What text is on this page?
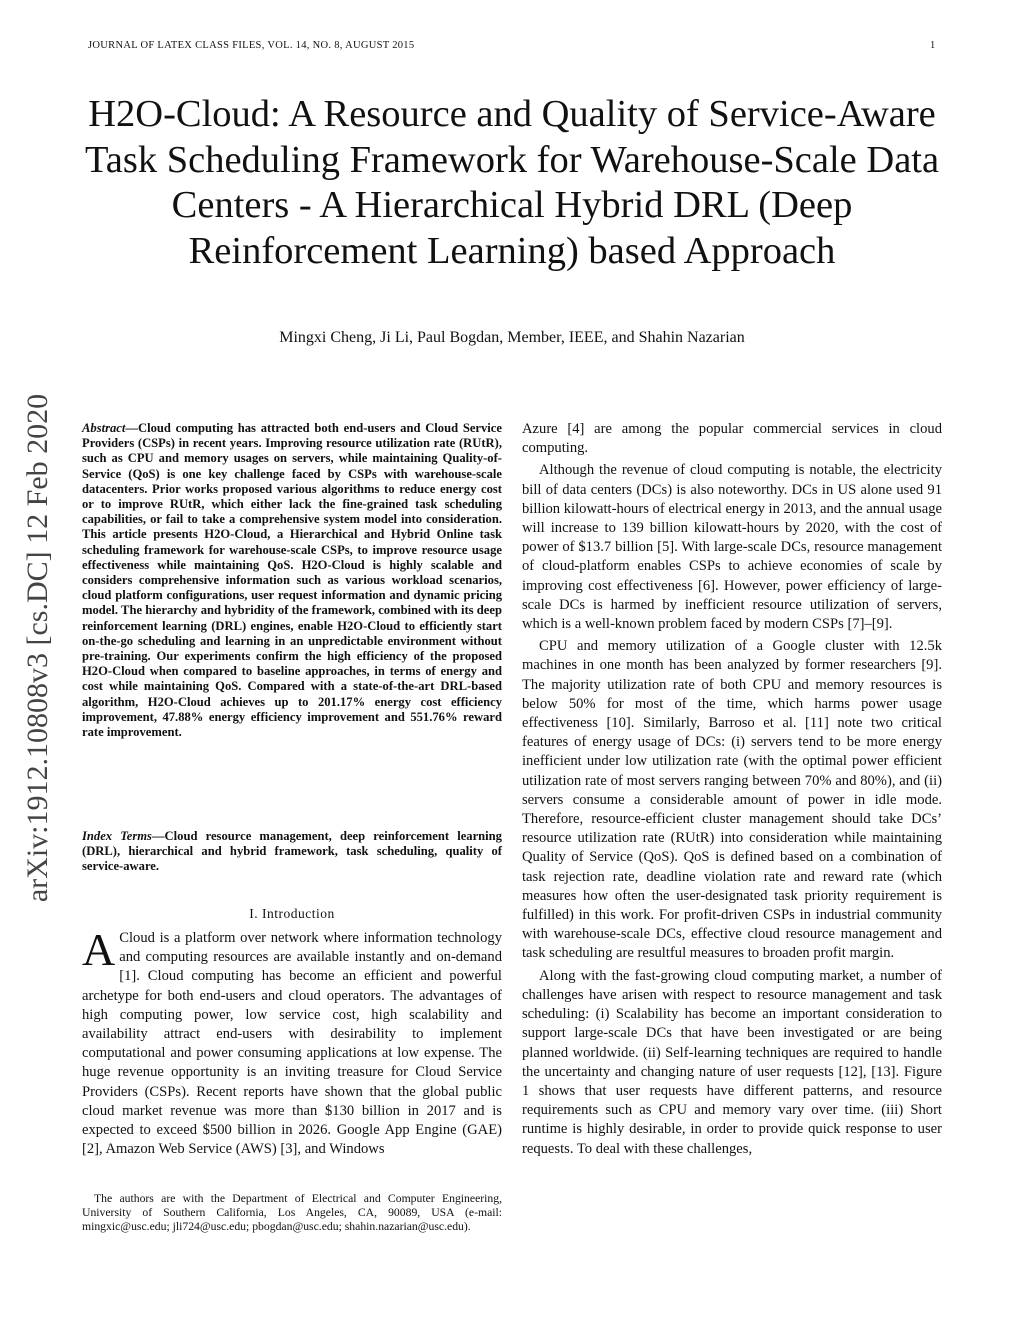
JOURNAL OF LATEX CLASS FILES, VOL. 14, NO. 8, AUGUST 2015	1
H2O-Cloud: A Resource and Quality of Service-Aware Task Scheduling Framework for Warehouse-Scale Data Centers - A Hierarchical Hybrid DRL (Deep Reinforcement Learning) based Approach
Mingxi Cheng, Ji Li, Paul Bogdan, Member, IEEE, and Shahin Nazarian
arXiv:1912.10808v3 [cs.DC] 12 Feb 2020	Abstract—Cloud computing has attracted both end-users and Cloud Service Providers (CSPs) in recent years. Improving resource utilization rate (RUtR), such as CPU and memory usages on servers, while maintaining Quality-of-Service (QoS) is one key challenge faced by CSPs with warehouse-scale datacenters. Prior works proposed various algorithms to reduce energy cost or to improve RUtR, which either lack the fine-grained task scheduling capabilities, or fail to take a comprehensive system model into consideration. This article presents H2O-Cloud, a Hierarchical and Hybrid Online task scheduling framework for warehouse-scale CSPs, to improve resource usage effectiveness while maintaining QoS. H2O-Cloud is highly scalable and considers comprehensive information such as various workload scenarios, cloud platform configurations, user request information and dynamic pricing model. The hierarchy and hybridity of the framework, combined with its deep reinforcement learning (DRL) engines, enable H2O-Cloud to efficiently start on-the-go scheduling and learning in an unpredictable environment without pre-training. Our experiments confirm the high efficiency of the proposed H2O-Cloud when compared to baseline approaches, in terms of energy and cost while maintaining QoS. Compared with a state-of-the-art DRL-based algorithm, H2O-Cloud achieves up to 201.17% energy cost efficiency improvement, 47.88% energy efficiency improvement and 551.76% reward rate improvement.
Index Terms—Cloud resource management, deep reinforcement learning (DRL), hierarchical and hybrid framework, task scheduling, quality of service-aware.
I. Introduction
A Cloud is a platform over network where information technology and computing resources are available instantly and on-demand [1]. Cloud computing has become an efficient and powerful archetype for both end-users and cloud operators. The advantages of high computing power, low service cost, high scalability and availability attract end-users with desirability to implement computational and power consuming applications at low expense. The huge revenue opportunity is an inviting treasure for Cloud Service Providers (CSPs). Recent reports have shown that the global public cloud market revenue was more than $130 billion in 2017 and is expected to exceed $500 billion in 2026. Google App Engine (GAE) [2], Amazon Web Service (AWS) [3], and Windows

The authors are with the Department of Electrical and Computer Engineering, University of Southern California, Los Angeles, CA, 90089, USA (e-mail: mingxic@usc.edu; jli724@usc.edu; pbogdan@usc.edu; shahin.nazarian@usc.edu).

Azure [4] are among the popular commercial services in cloud computing.

Although the revenue of cloud computing is notable, the electricity bill of data centers (DCs) is also noteworthy. DCs in US alone used 91 billion kilowatt-hours of electrical energy in 2013, and the annual usage will increase to 139 billion kilowatt-hours by 2020, with the cost of power of $13.7 billion [5]. With large-scale DCs, resource management of cloud-platform enables CSPs to achieve economies of scale by improving cost effectiveness [6]. However, power efficiency of large-scale DCs is harmed by inefficient resource utilization of servers, which is a well-known problem faced by modern CSPs [7]–[9].

CPU and memory utilization of a Google cluster with 12.5k machines in one month has been analyzed by former researchers [9]. The majority utilization rate of both CPU and memory resources is below 50% for most of the time, which harms power usage effectiveness [10]. Similarly, Barroso et al. [11] note two critical features of energy usage of DCs: (i) servers tend to be more energy inefficient under low utilization rate (with the optimal power efficient utilization rate of most servers ranging between 70% and 80%), and (ii) servers consume a considerable amount of power in idle mode. Therefore, resource-efficient cluster management should take DCs’ resource utilization rate (RUtR) into consideration while maintaining Quality of Service (QoS). QoS is defined based on a combination of task rejection rate, deadline violation rate and reward rate (which measures how often the user-designated task priority requirement is fulfilled) in this work. For profit-driven CSPs in industrial community with warehouse-scale DCs, effective cloud resource management and task scheduling are resultful measures to broaden profit margin.

Along with the fast-growing cloud computing market, a number of challenges have arisen with respect to resource management and task scheduling: (i) Scalability has become an important consideration to support large-scale DCs that have been investigated or are being planned worldwide. (ii) Self-learning techniques are required to handle the uncertainty and changing nature of user requests [12], [13]. Figure 1 shows that user requests have different patterns, and resource requirements such as CPU and memory vary over time. (iii) Short runtime is highly desirable, in order to provide quick response to user requests. To deal with these challenges,
